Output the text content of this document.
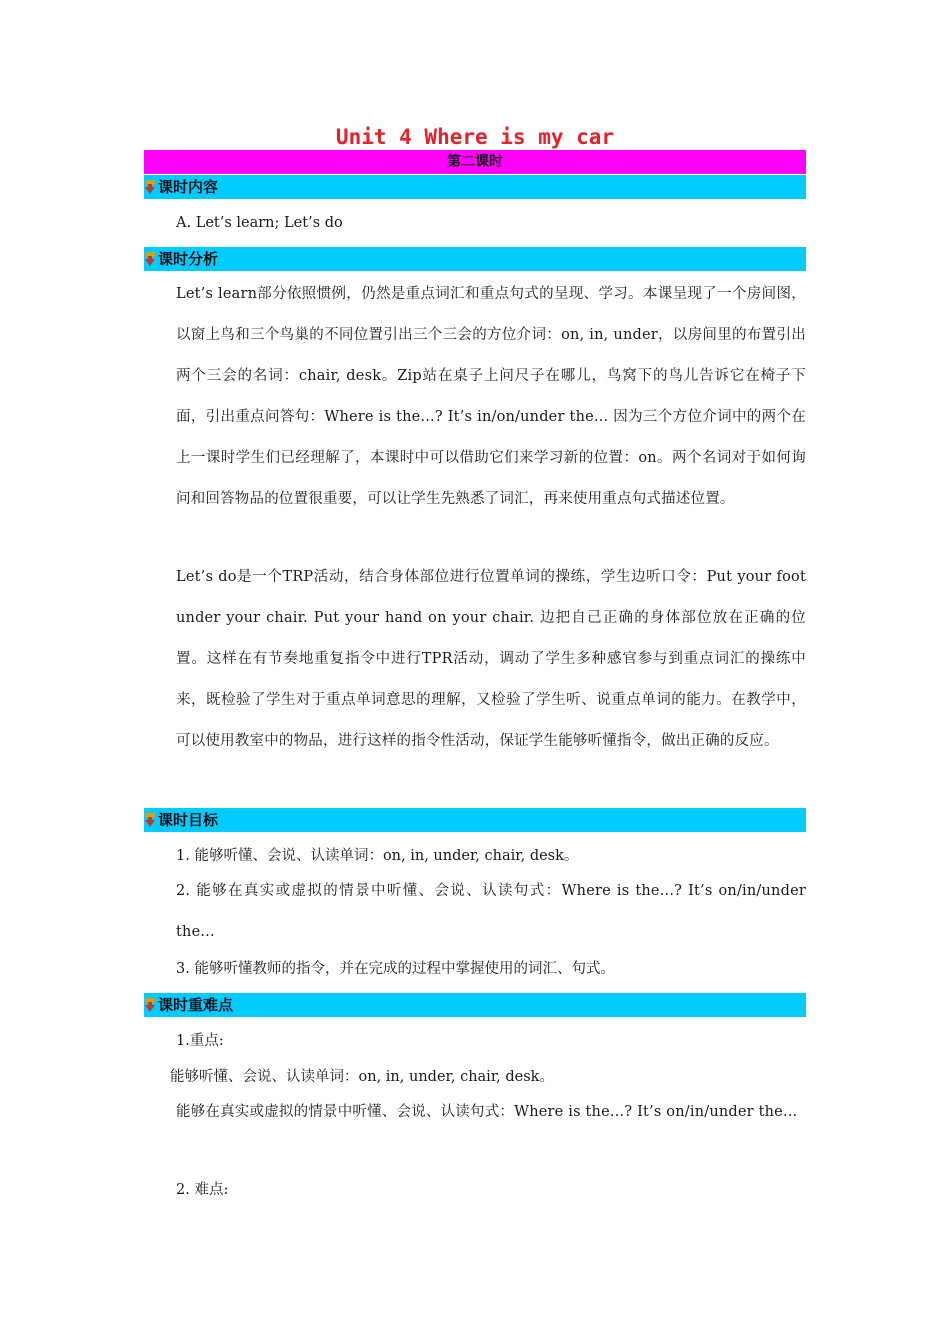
Unit 4 Where is my car
第二课时
课时内容
A. Let’s learn; Let’s do
课时分析
Let’s learn部分依照惯例，仍然是重点词汇和重点句式的呈现、学习。本课呈现了一个房间图，以窗上鸟和三个鸟巢的不同位置引出三个三会的方位介词：on, in, under，以房间里的布置引出两个三会的名词：chair, desk。Zip站在桌子上问尺子在哪儿，鸟窝下的鸟儿告诉它在椅子下面，引出重点问答句：Where is the...? It’s in/on/under the... 因为三个方位介词中的两个在上一课时学生们已经理解了，本课时中可以借助它们来学习新的位置：on。两个名词对于如何询问和回答物品的位置很重要，可以让学生先熟悉了词汇，再来使用重点句式描述位置。
Let’s do是一个TRP活动，结合身体部位进行位置单词的操练，学生边听口令：Put your foot under your chair. Put your hand on your chair. 边把自己正确的身体部位放在正确的位置。这样在有节奏地重复指令中进行TPR活动，调动了学生多种感官参与到重点词汇的操练中来，既检验了学生对于重点单词意思的理解，又检验了学生听、说重点单词的能力。在教学中，可以使用教室中的物品，进行这样的指令性活动，保证学生能够听懂指令，做出正确的反应。
课时目标
1. 能够听懂、会说、认读单词：on, in, under, chair, desk。
2. 能够在真实或虚拟的情景中听懂、会说、认读句式：Where is the...? It’s on/in/under the...
3. 能够听懂教师的指令，并在完成的过程中掌握使用的词汇、句式。
课时重难点
1.重点:
能够听懂、会说、认读单词：on, in, under, chair, desk。
能够在真实或虚拟的情景中听懂、会说、认读句式：Where is the...? It’s on/in/under the...
2. 难点:
